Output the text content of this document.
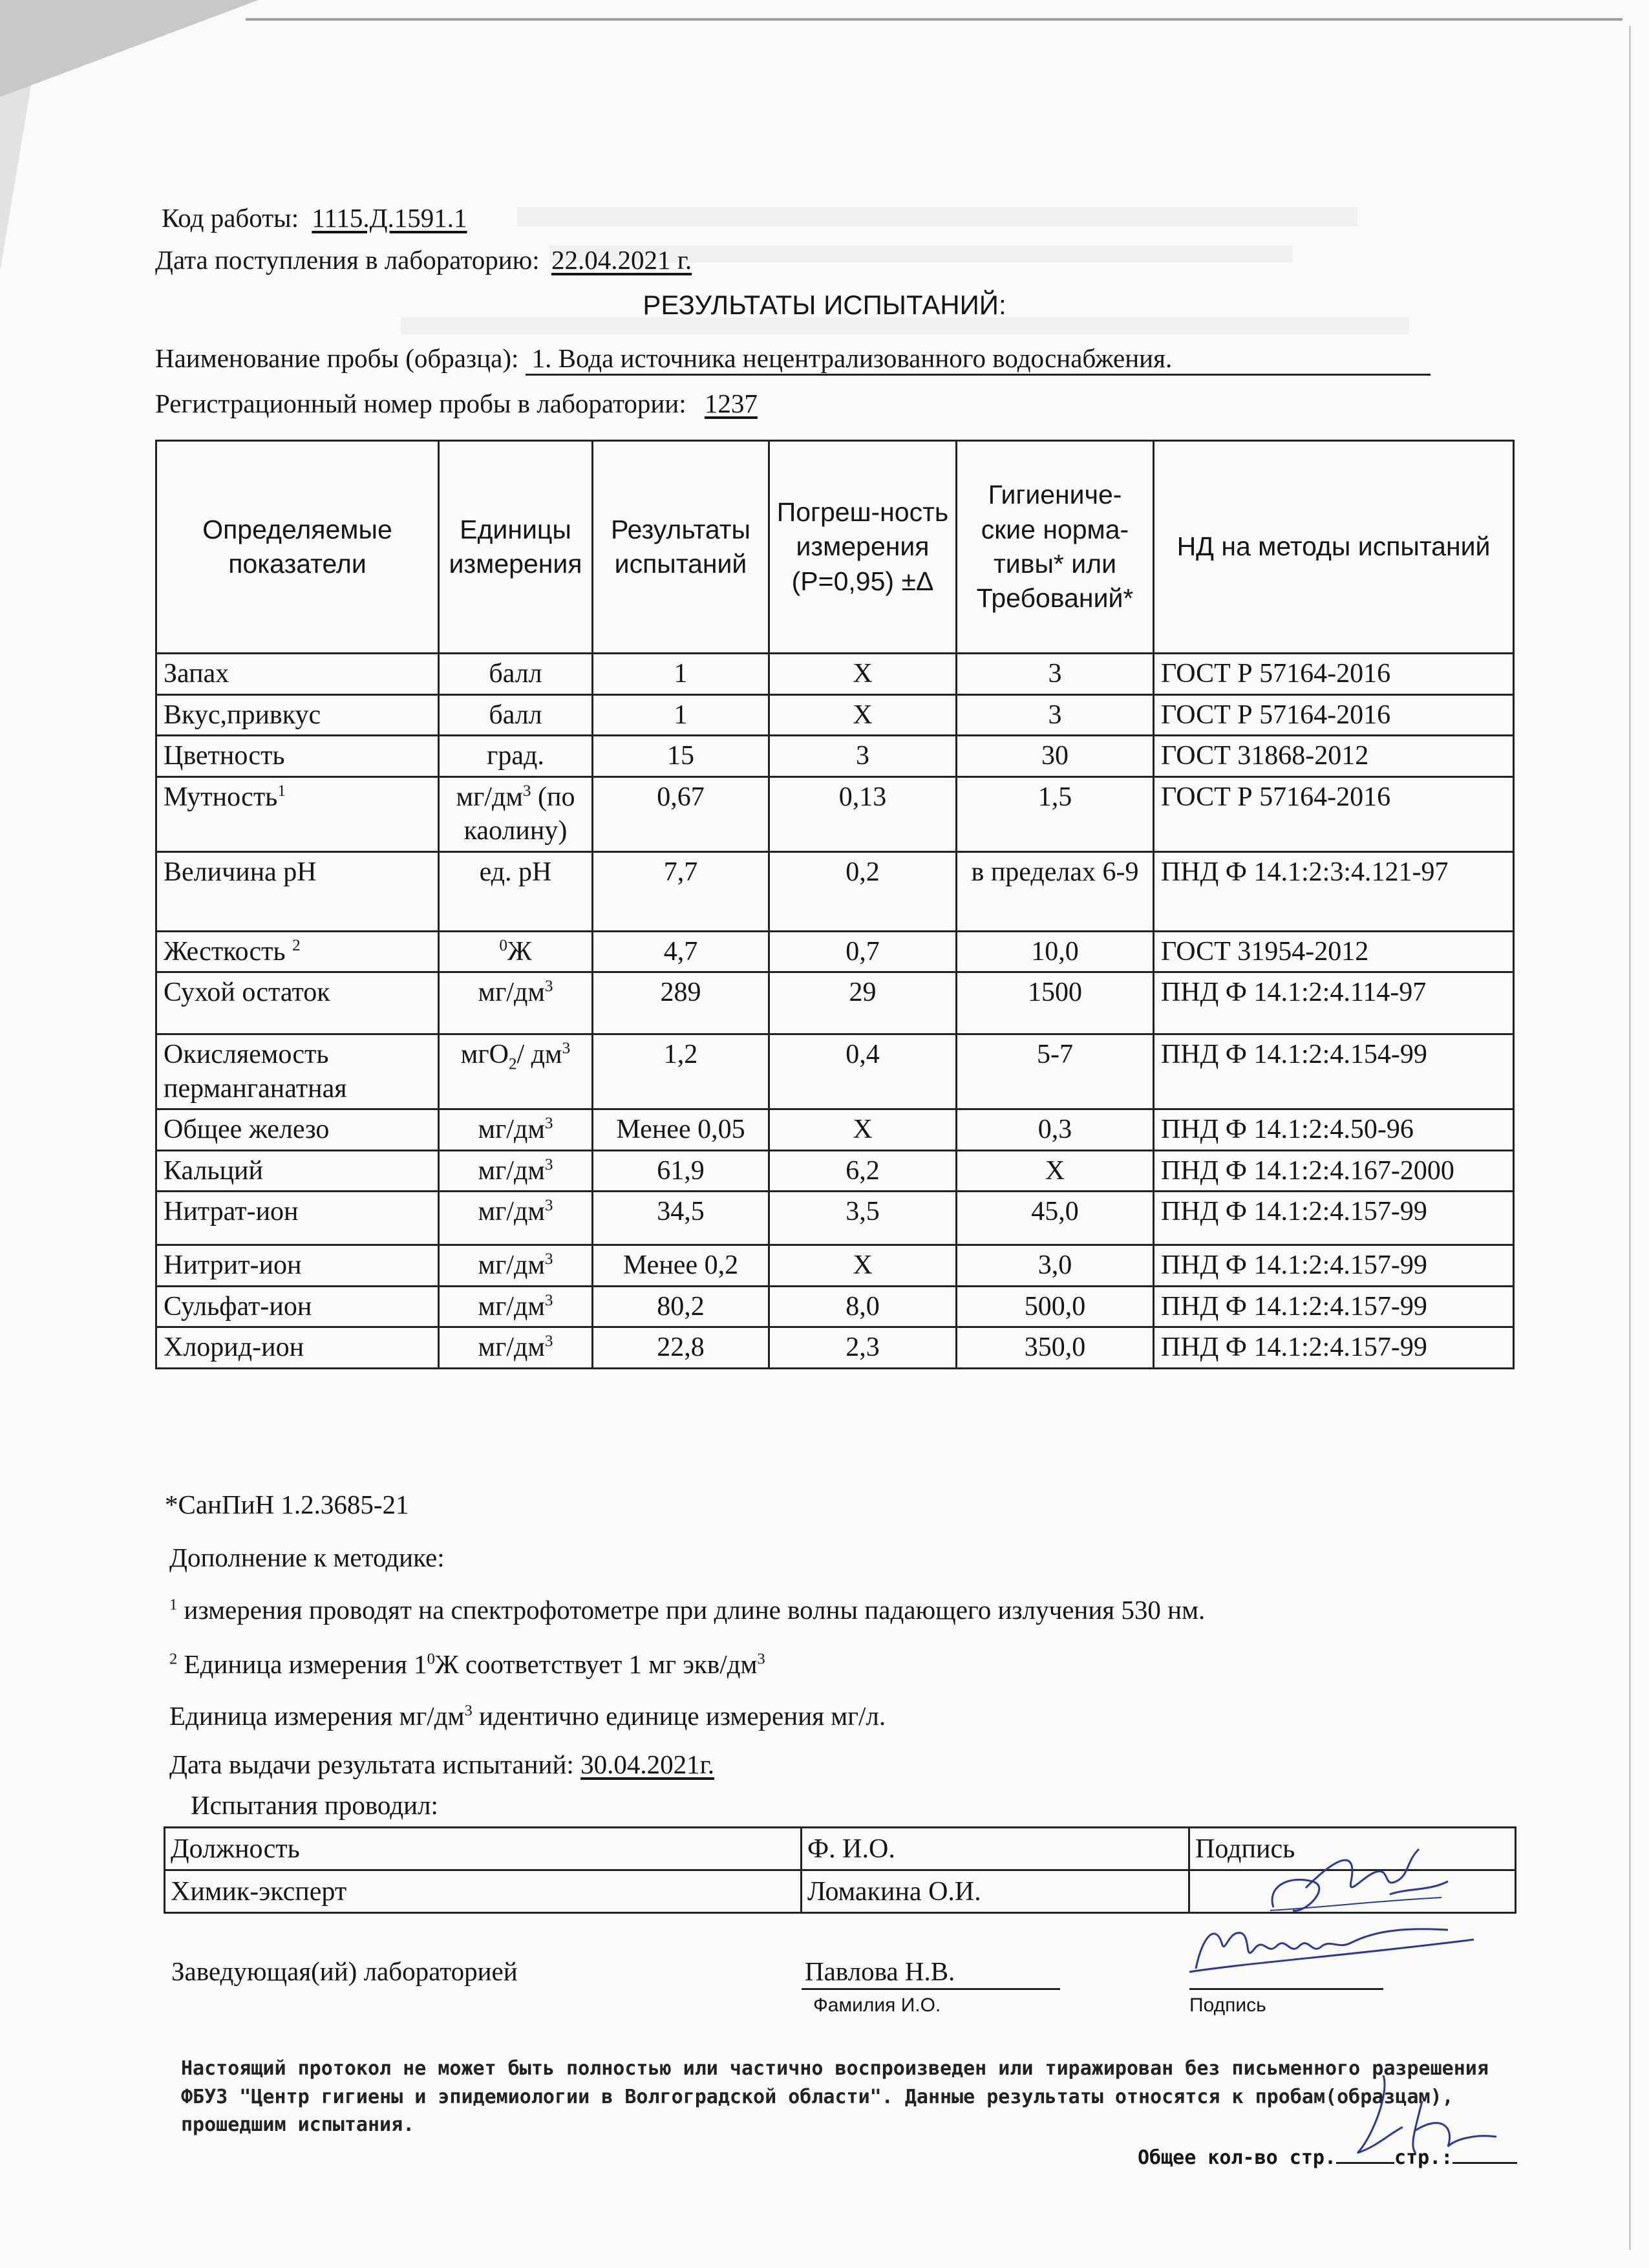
Код работы: 1115.Д.1591.1
Дата поступления в лабораторию: 22.04.2021 г.
РЕЗУЛЬТАТЫ ИСПЫТАНИЙ:
Наименование пробы (образца): 1. Вода источника нецентрализованного водоснабжения.
Регистрационный номер пробы в лаборатории: 1237
Определяемые показатели	Единицы измерения	Результаты испытаний	Погреш-ность измерения (Р=0,95) ±Δ	Гигиениче-ские норма-тивы* или Требований*	НД на методы испытаний
Запах	балл	1	Х	3	ГОСТ Р 57164-2016
Вкус,привкус	балл	1	Х	3	ГОСТ Р 57164-2016
Цветность	град.	15	3	30	ГОСТ 31868-2012
Мутность$^1$	$мг/дм^3$ (по каолину)	0,67	0,13	1,5	ГОСТ Р 57164-2016
Величина pH	ед. pH	7,7	0,2	в пределах 6-9	ПНД Ф 14.1:2:3:4.121-97
Жесткость $^2$	$^0$Ж	4,7	0,7	10,0	ГОСТ 31954-2012
Сухой остаток	$мг/дм^3$	289	29	1500	ПНД Ф 14.1:2:4.114-97
Окисляемость перманганатная	мгО$_2$/ $дм^3$	1,2	0,4	5-7	ПНД Ф 14.1:2:4.154-99
Общее железо	$мг/дм^3$	Менее 0,05	Х	0,3	ПНД Ф 14.1:2:4.50-96
Кальций	$мг/дм^3$	61,9	6,2	Х	ПНД Ф 14.1:2:4.167-2000
Нитрат-ион	$мг/дм^3$	34,5	3,5	45,0	ПНД Ф 14.1:2:4.157-99
Нитрит-ион	$мг/дм^3$	Менее 0,2	Х	3,0	ПНД Ф 14.1:2:4.157-99
Сульфат-ион	$мг/дм^3$	80,2	8,0	500,0	ПНД Ф 14.1:2:4.157-99
Хлорид-ион	$мг/дм^3$	22,8	2,3	350,0	ПНД Ф 14.1:2:4.157-99
*СанПиН 1.2.3685-21
Дополнение к методике:
$^1$ измерения проводят на спектрофотометре при длине волны падающего излучения 530 нм.
$^2$ Единица измерения $1^0Ж$ соответствует 1 мг экв/$дм^3$
Единица измерения $мг/дм^3$ идентично единице измерения мг/л.
Дата выдачи результата испытаний: 30.04.2021г.
Испытания проводил:
Должность	Ф. И.О.	Подпись
Химик-эксперт	Ломакина О.И.	
Заведующая(ий) лабораторией	Павлова Н.В.
Фамилия И.О.	Подпись
Настоящий протокол не может быть полностью или частично воспроизведен или тиражирован без письменного разрешения ФБУЗ "Центр гигиены и эпидемиологии в Волгоградской области". Данные результаты относятся к пробам(образцам), прошедшим испытания.
Общее кол-во стр.	стр.:
